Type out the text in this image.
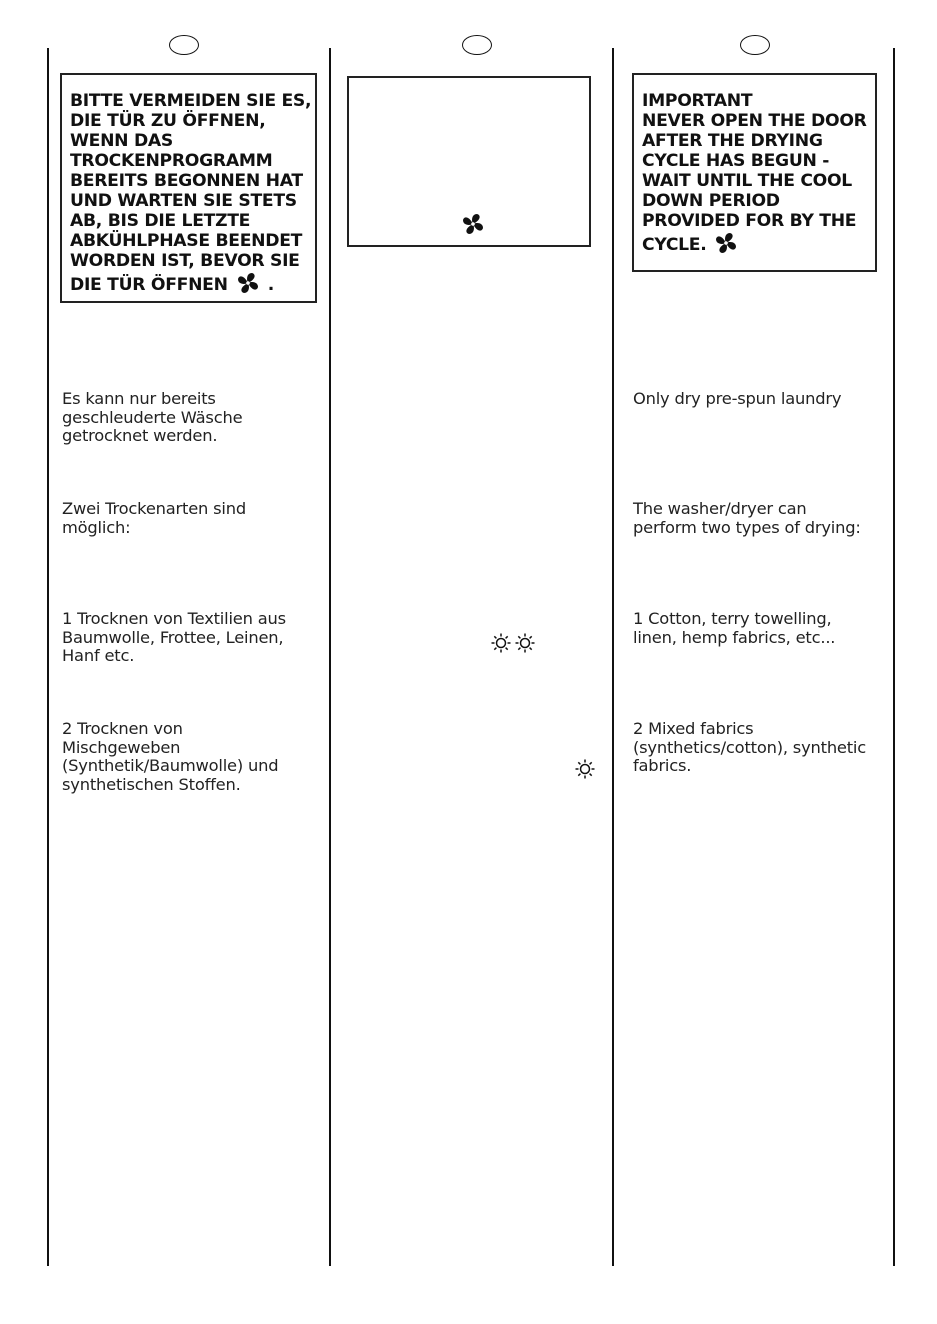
BITTE VERMEIDEN SIE ES,
DIE TÜR ZU ÖFFNEN,
WENN DAS
TROCKENPROGRAMM
BEREITS BEGONNEN HAT
UND WARTEN SIE STETS
AB, BIS DIE LETZTE
ABKÜHLPHASE BEENDET
WORDEN IST, BEVOR SIE
DIE TÜR ÖFFNEN .
IMPORTANT
NEVER OPEN THE DOOR
AFTER THE DRYING
CYCLE HAS BEGUN -
WAIT UNTIL THE COOL
DOWN PERIOD
PROVIDED FOR BY THE
CYCLE.
Es kann nur bereits
geschleuderte Wäsche
getrocknet werden.
Zwei Trockenarten sind
möglich:
1 Trocknen von Textilien aus
Baumwolle, Frottee, Leinen,
Hanf etc.
2 Trocknen von
Mischgeweben
(Synthetik/Baumwolle) und
synthetischen Stoffen.
Only dry pre-spun laundry
The washer/dryer can
perform two types of drying:
1 Cotton, terry towelling,
linen, hemp fabrics, etc...
2 Mixed fabrics
(synthetics/cotton), synthetic
fabrics.
